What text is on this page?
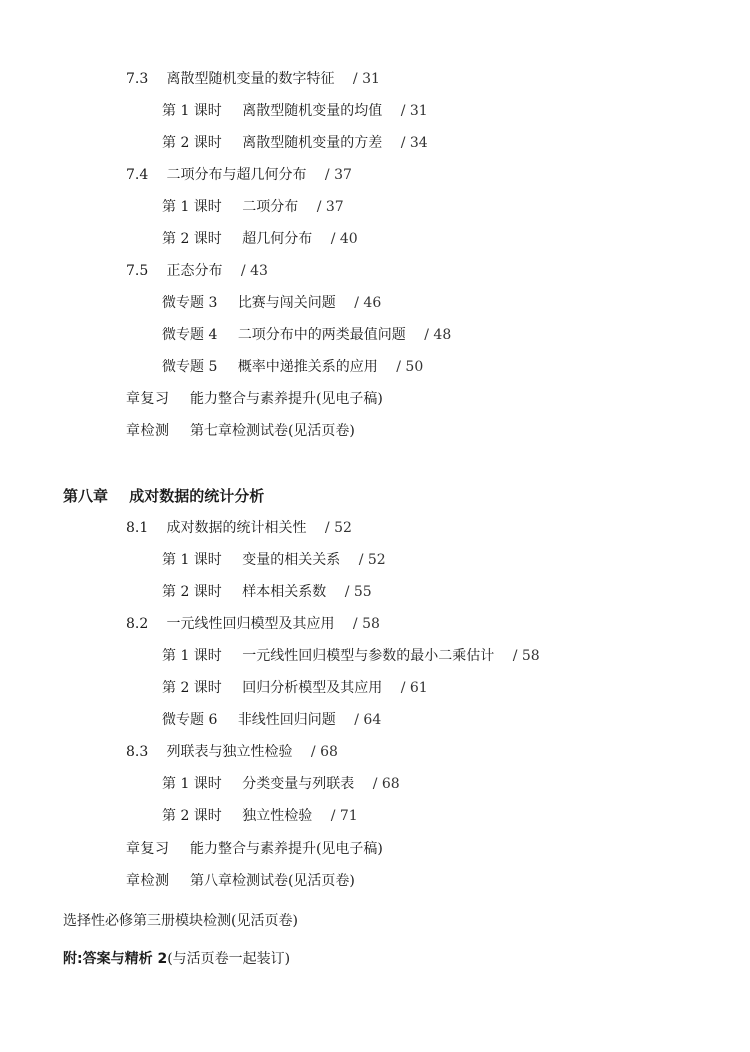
7.3 离散型随机变量的数字特征 / 31
第 1 课时 离散型随机变量的均值 / 31
第 2 课时 离散型随机变量的方差 / 34
7.4 二项分布与超几何分布 / 37
第 1 课时 二项分布 / 37
第 2 课时 超几何分布 / 40
7.5 正态分布 / 43
微专题 3 比赛与闯关问题 / 46
微专题 4 二项分布中的两类最值问题 / 48
微专题 5 概率中递推关系的应用 / 50
章复习 能力整合与素养提升(见电子稿)
章检测 第七章检测试卷(见活页卷)
第八章 成对数据的统计分析
8.1 成对数据的统计相关性 / 52
第 1 课时 变量的相关关系 / 52
第 2 课时 样本相关系数 / 55
8.2 一元线性回归模型及其应用 / 58
第 1 课时 一元线性回归模型与参数的最小二乘估计 / 58
第 2 课时 回归分析模型及其应用 / 61
微专题 6 非线性回归问题 / 64
8.3 列联表与独立性检验 / 68
第 1 课时 分类变量与列联表 / 68
第 2 课时 独立性检验 / 71
章复习 能力整合与素养提升(见电子稿)
章检测 第八章检测试卷(见活页卷)
选择性必修第三册模块检测(见活页卷)
附:答案与精析 2(与活页卷一起装订)
